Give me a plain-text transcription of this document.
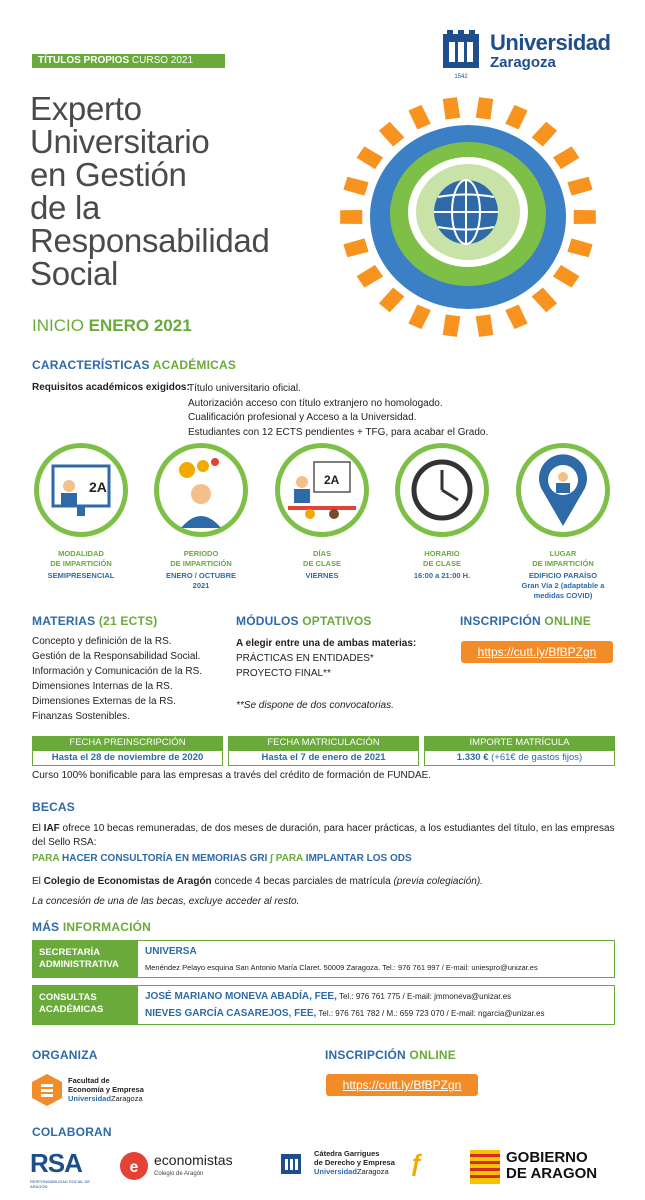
TÍTULOS PROPIOS CURSO 2021
1542
Universidad
Zaragoza
Experto
Universitario
en Gestión
de la
Responsabilidad
Social
INICIO ENERO 2021
CARACTERÍSTICAS ACADÉMICAS
Requisitos académicos exigidos:
Título universitario oficial.
Autorización acceso con título extranjero no homologado.
Cualificación profesional y Acceso a la Universidad.
Estudiantes con 12 ECTS pendientes + TFG, para acabar el Grado.
2A	2A
MODALIDAD
DE IMPARTICIÓN
SEMIPRESENCIAL
PERIODO
DE IMPARTICIÓN
ENERO / OCTUBRE
2021
DÍAS
DE CLASE
VIERNES
HORARIO
DE CLASE
16:00 a 21:00 H.
LUGAR
DE IMPARTICIÓN
EDIFICIO PARAÍSO
Gran Vía 2 (adaptable a
medidas COVID)
MATERIAS (21 ECTS)
Concepto y definición de la RS.
Gestión de la Responsabilidad Social.
Información y Comunicación de la RS.
Dimensiones Internas de la RS.
Dimensiones Externas de la RS.
Finanzas Sostenibles.
MÓDULOS OPTATIVOS
A elegir entre una de ambas materias:
PRÁCTICAS EN ENTIDADES*
PROYECTO FINAL**
**Se dispone de dos convocatorias.
INSCRIPCIÓN ONLINE
https://cutt.ly/BfBPZgn
FECHA PREINSCRIPCIÓN
Hasta el 28 de noviembre de 2020
FECHA MATRICULACIÓN
Hasta el 7 de enero de 2021
IMPORTE MATRÍCULA
1.330 € (+61€ de gastos fijos)
Curso 100% bonificable para las empresas a través del crédito de formación de FUNDAE.
BECAS
El IAF ofrece 10 becas remuneradas, de dos meses de duración, para hacer prácticas, a los estudiantes del título, en las empresas del Sello RSA:
PARA HACER CONSULTORÍA EN MEMORIAS GRI ∫ PARA IMPLANTAR LOS ODS
El Colegio de Economistas de Aragón concede 4 becas parciales de matrícula (previa colegiación).
La concesión de una de las becas, excluye acceder al resto.
MÁS INFORMACIÓN
SECRETARÍA
ADMINISTRATIVA
UNIVERSA
Menéndez Pelayo esquina San Antonio María Claret. 50009 Zaragoza. Tel.: 976 761 997 / E-mail: uniespro@unizar.es
CONSULTAS
ACADÉMICAS
JOSÉ MARIANO MONEVA ABADÍA, FEE, Tel.: 976 761 775 / E-mail: jmmoneva@unizar.es
NIEVES GARCÍA CASAREJOS, FEE, Tel.: 976 761 782 / M.: 659 723 070 / E-mail: ngarcia@unizar.es
ORGANIZA
Facultad de
Economía y Empresa
UniversidadZaragoza
INSCRIPCIÓN ONLINE
https://cutt.ly/BfBPZgn
COLABORAN
RSA
RESPONSABILIDAD SOCIAL DE ARAGÓN
e economistas
Colegio de Aragón
Cátedra Garrigues
de Derecho y Empresa
UniversidadZaragoza ƒ	GOBIERNO
DE ARAGON
